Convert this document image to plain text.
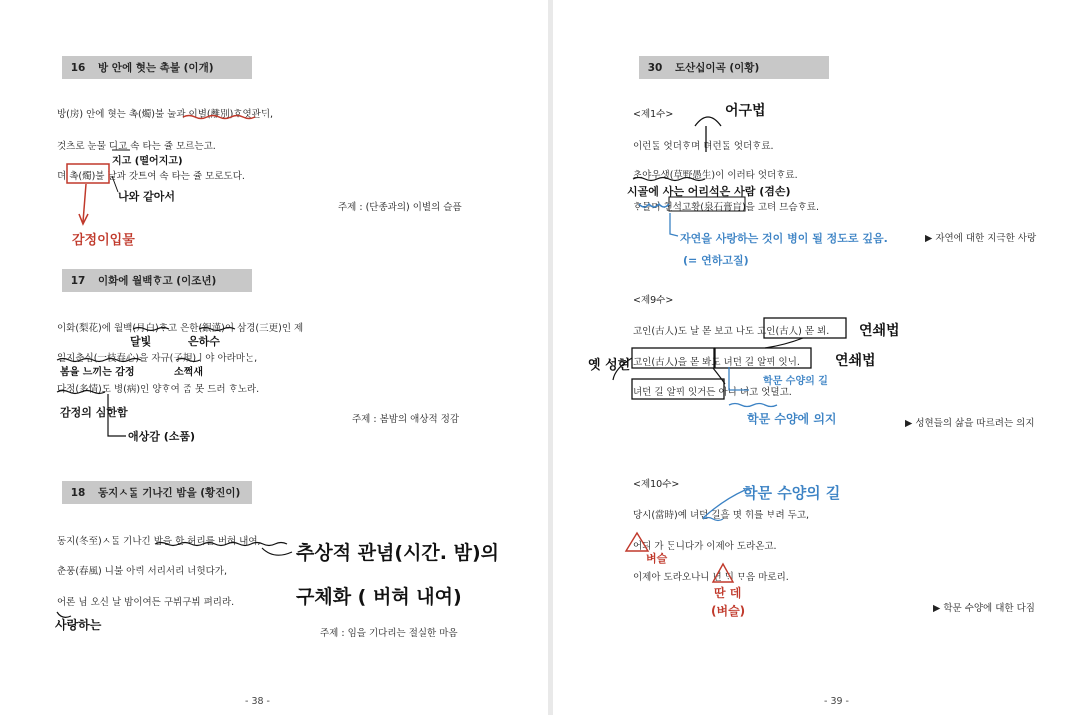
16	방 안에 혓는 촉불 (이개)
방(房) 안에 혓는 촉(燭)불 눌과 이별(離別)ᄒᆞ엿관ᄃᆡ,
것츠로 눈물 디고 속 타는 쥴 모르는고.
뎌 촉(燭)불 날과 갓트여 속 타는 쥴 모로도다.
주제 : (단종과의) 이별의 슬픔
17	이화에 월백ᄒᆞ고 (이조년)
이화(梨花)에 월백(月白)ᄒᆞ고 은한(銀漢)이 삼경(三更)인 제
일지춘심(一枝春心)을 자규(子規)ㅣ야 아라마ᄂᆞᆫ,
다정(多情)도 병(病)인 양ᄒᆞ여 ᄌᆞᆷ 못 드러 ᄒᆞ노라.
주제 : 봄밤의 애상적 정감
18	동지ㅅᄃᆞᆯ 기나긴 밤을 (황진이)
동지(冬至)ㅅᄃᆞᆯ 기나긴 밤을 한 허리를 버혀 내여,
춘풍(春風) 니불 아ᄅᆡ 서리서리 너헛다가,
어론 님 오신 날 밤이여든 구뷔구뷔 펴리라.
주제 : 임을 기다리는 절실한 마음
- 38 -
지고 (떨어지고)
나와 같아서
감정이입물
달빛	은하수
봄을 느끼는 감정	소쩍새
감정의 심한함
애상감 (소품)
추상적 관념(시간. 밤)의
구체화 ( 버혀 내여)
사랑하는
30	도산십이곡 (이황)
<제1수>
이런ᄃᆞᆯ 엇더ᄒᆞ며 뎌런ᄃᆞᆯ 엇더ᄒᆞ료.
초야우생(草野愚生)이 이러타 엇더ᄒᆞ료.
ᄒᆞ믈며 천석고황(泉石膏肓)을 고텨 므슴ᄒᆞ료.
▶ 자연에 대한 지극한 사랑
<제9수>
고인(古人)도 날 몯 보고 나도 고인(古人) 몯 뵈.
고인(古人)을 몯 봐도 녀던 길 알ᄑᆡ 잇ᄂᆡ.
녀던 길 알ᄑᆡ 잇거든 아니 녀고 엇뎔고.
▶ 성현들의 삶을 따르려는 의지
<제10수>
당시(當時)예 녀던 길흘 몃 ᄒᆡ를 ᄇᆞ려 두고,
어듸 가 ᄃᆞᆫ니다가 이제아 도라온고.
이제아 도라오나니 년 ᄃᆡ ᄆᆞ음 마로리.
▶ 학문 수양에 대한 다짐
- 39 -
어구법
시골에 사는 어리석은 사람 (겸손)
자연을 사랑하는 것이 병이 될 정도로 깊음.
(= 연하고질)
연쇄법
연쇄법
옛 성현
학문 수양의 길
학문 수양에 의지
학문 수양의 길
벼슬
딴 데
(벼슬)
